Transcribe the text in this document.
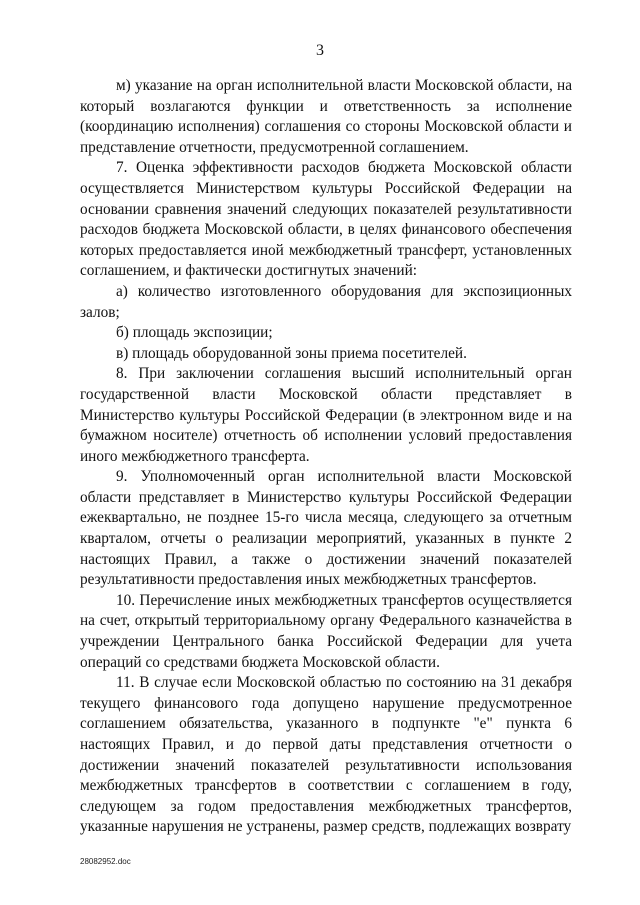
3

м) указание на орган исполнительной власти Московской области, на который возлагаются функции и ответственность за исполнение (координацию исполнения) соглашения со стороны Московской области и представление отчетности, предусмотренной соглашением.

7. Оценка эффективности расходов бюджета Московской области осуществляется Министерством культуры Российской Федерации на основании сравнения значений следующих показателей результативности расходов бюджета Московской области, в целях финансового обеспечения которых предоставляется иной межбюджетный трансферт, установленных соглашением, и фактически достигнутых значений:

а) количество изготовленного оборудования для экспозиционных залов;

б) площадь экспозиции;

в) площадь оборудованной зоны приема посетителей.

8. При заключении соглашения высший исполнительный орган государственной власти Московской области представляет в Министерство культуры Российской Федерации (в электронном виде и на бумажном носителе) отчетность об исполнении условий предоставления иного межбюджетного трансферта.

9. Уполномоченный орган исполнительной власти Московской области представляет в Министерство культуры Российской Федерации ежеквартально, не позднее 15-го числа месяца, следующего за отчетным кварталом, отчеты о реализации мероприятий, указанных в пункте 2 настоящих Правил, а также о достижении значений показателей результативности предоставления иных межбюджетных трансфертов.

10. Перечисление иных межбюджетных трансфертов осуществляется на счет, открытый территориальному органу Федерального казначейства в учреждении Центрального банка Российской Федерации для учета операций со средствами бюджета Московской области.

11. В случае если Московской областью по состоянию на 31 декабря текущего финансового года допущено нарушение предусмотренное соглашением обязательства, указанного в подпункте "е" пункта 6 настоящих Правил, и до первой даты представления отчетности о достижении значений показателей результативности использования межбюджетных трансфертов в соответствии с соглашением в году, следующем за годом предоставления межбюджетных трансфертов, указанные нарушения не устранены, размер средств, подлежащих возврату

28082952.doc
